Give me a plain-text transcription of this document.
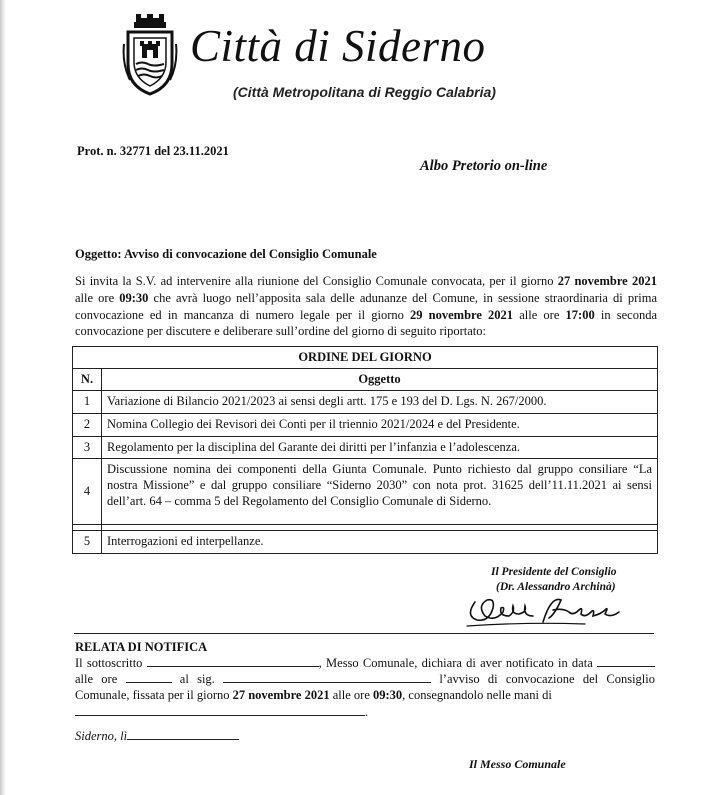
Città di Siderno
(Città Metropolitana di Reggio Calabria)
Prot. n. 32771 del 23.11.2021
Albo Pretorio on-line
Oggetto: Avviso di convocazione del Consiglio Comunale
Si invita la S.V. ad intervenire alla riunione del Consiglio Comunale convocata, per il giorno 27 novembre 2021 alle ore 09:30 che avrà luogo nell’apposita sala delle adunanze del Comune, in sessione straordinaria di prima convocazione ed in mancanza di numero legale per il giorno 29 novembre 2021 alle ore 17:00 in seconda convocazione per discutere e deliberare sull’ordine del giorno di seguito riportato:
ORDINE DEL GIORNO	
N.	Oggetto
1	Variazione di Bilancio 2021/2023 ai sensi degli artt. 175 e 193 del D. Lgs. N. 267/2000.
2	Nomina Collegio dei Revisori dei Conti per il triennio 2021/2024 e del Presidente.
3	Regolamento per la disciplina del Garante dei diritti per l’infanzia e l’adolescenza.
4	Discussione nomina dei componenti della Giunta Comunale. Punto richiesto dal gruppo consiliare “La nostra Missione” e dal gruppo consiliare “Siderno 2030” con nota prot. 31625 dell’11.11.2021 ai sensi dell’art. 64 – comma 5 del Regolamento del Consiglio Comunale di Siderno.

5	Interrogazioni ed interpellanze.
Il Presidente del Consiglio
(Dr. Alessandro Archinà)
RELATA DI NOTIFICA
Il sottoscritto	, Messo Comunale, dichiara di aver notificato in data  alle ore	al sig.	l’avviso di convocazione del Consiglio Comunale, fissata per il giorno 27 novembre 2021 alle ore 09:30, consegnandolo nelle mani di
.
Siderno, lì
Il Messo Comunale
